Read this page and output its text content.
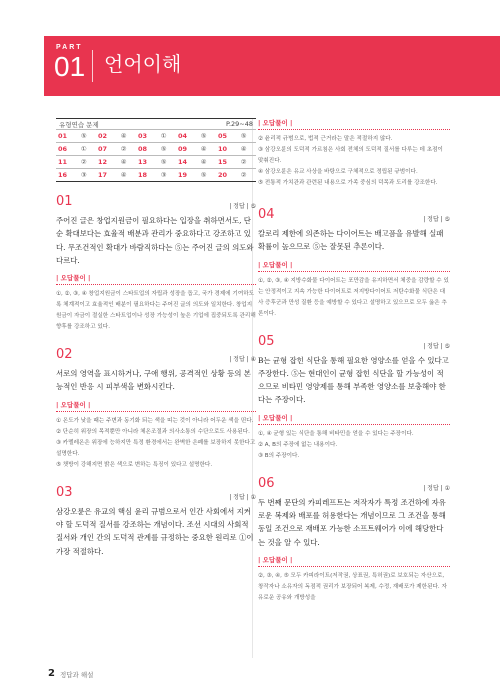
PART
01 언어이해
유형연습 문제	P.29~48
01	⑤	02	④	03	①	04	⑤	05	⑤
06	①	07	②	08	⑤	09	④	10	④
11	②	12	④	13	⑤	14	④	15	②
16	③	17	④	18	③	19	⑤	20	②
01	| 정답 | ⑤

주어진 글은 창업지원금이 필요하다는 입장을 취하면서도, 단순 확대보다는 효율적 배분과 관리가 중요하다고 강조하고 있다. 무조건적인 확대가 바람직하다는 ⑤는 주어진 글의 의도와 다르다.

| 오답풀이 |

①, ②, ③, ④ 창업지원금이 스타트업의 자립과 성장을 돕고, 국가 경제에 기여하도록 체계적이고 효율적인 배분이 필요하다는 주어진 글의 의도와 일치한다. 창업지원금이 자금이 절실한 스타트업이나 성장 가능성이 높은 기업에 집중되도록 관리해 향후를 강조하고 있다.

02	| 정답 | ④

서로의 영역을 표시하거나, 구애 행위, 공격적인 상황 등의 본능적인 반응 시 피부색을 변화시킨다.

| 오답풀이 |

① 온도가 낮을 때는 주변과 동기화 되는 색을 띠는 것이 아니라 어두운 색을 띤다.

② 단순히 위장의 목적뿐만 아니라 체온조절과 의사소통의 수단으로도 사용된다.

③ 카멜레온은 위장에 능하지만 특정 환경에서는 완벽한 은폐를 보장하지 못한다고 설명한다.

⑤ 챗방이 강해지면 밝은 색으로 변하는 특징이 있다고 설명한다.

03	| 정답 | ①

삼강오륜은 유교의 핵심 윤리 규범으로서 인간 사회에서 지켜야 할 도덕적 질서를 강조하는 개념이다. 조선 시대의 사회적 질서와 개인 간의 도덕적 관계를 규정하는 중요한 원리로 ①이 가장 적절하다.

| 오답풀이 |

② 윤리적 규범으로, 법적 근거라는 말은 적절하지 않다.

③ 삼강오륜의 도덕적 가르침은 사회 전체의 도덕적 질서를 다루는 데 초점이 맞춰진다.

④ 삼강오륜은 유교 사상을 바탕으로 구체적으로 정립된 규범이다.

⑤ 전통적 가치관과 관련된 내용으로 가족 중심의 덕목과 도리를 강조한다.

04	| 정답 | ⑤

칼로리 제한에 의존하는 다이어트는 배고픔을 유발해 실패 확률이 높으므로 ⑤는 잘못된 추론이다.

| 오답풀이 |

①, ②, ③, ④ 지방수화물 다이어트는 포만감을 유지하면서 체중을 감량할 수 있는 안정적이고 지속 가능한 다이어트로 저지방다이어트 저탄수화물 식단은 대사 증후군과 만성 질환 등을 예방할 수 있다고 설명하고 있으므로 모두 옳은 추론이다.

05	| 정답 | ⑤

B는 균형 잡힌 식단을 통해 필요한 영양소를 얻을 수 있다고 주장한다. ⑤는 현대인이 균형 잡힌 식단을 할 가능성이 적으므로 비타민 영양제를 통해 부족한 영양소를 보충해야 한다는 주장이다.

| 오답풀이 |

①, ④ 균형 있는 식단을 통해 비타민을 얻을 수 있다는 주장이다.

② A, B의 주장에 없는 내용이다.

③ B의 주장이다.

06	| 정답 | ①

두 번째 문단의 카피레프트는 저작자가 특정 조건하에 자유로운 복제와 배포를 허용한다는 개념이므로 그 조건을 통해 동일 조건으로 재배포 가능한 소프트웨어가 이에 해당한다는 것을 알 수 있다.

| 오답풀이 |

②, ③, ④, ⑤ 모두 카피라이트(저작권, 상표권, 특허권)로 보호되는 자산으로, 창작자나 소유자의 독점적 권리가 보장되어 복제, 수정, 재배포가 제한된다. 자유로운 공유와 개방성을

2 정답과 해설
